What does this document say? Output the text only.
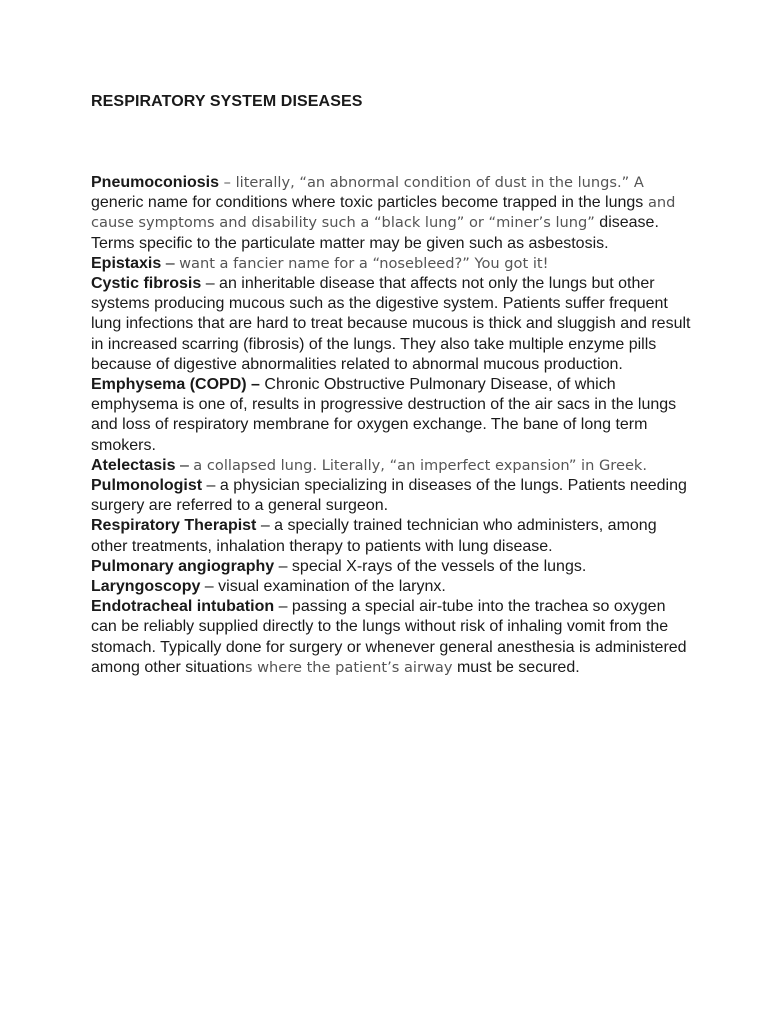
RESPIRATORY SYSTEM DISEASES

Pneumoconiosis – literally, “an abnormal condition of dust in the lungs.” A generic name for conditions where toxic particles become trapped in the lungs and cause symptoms and disability such a “black lung” or “miner’s lung” disease. Terms specific to the particulate matter may be given such as asbestosis.

Epistaxis – want a fancier name for a “nosebleed?” You got it!

Cystic fibrosis – an inheritable disease that affects not only the lungs but other systems producing mucous such as the digestive system. Patients suffer frequent lung infections that are hard to treat because mucous is thick and sluggish and result in increased scarring (fibrosis) of the lungs. They also take multiple enzyme pills because of digestive abnormalities related to abnormal mucous production.

Emphysema (COPD) – Chronic Obstructive Pulmonary Disease, of which emphysema is one of, results in progressive destruction of the air sacs in the lungs and loss of respiratory membrane for oxygen exchange. The bane of long term smokers.

Atelectasis – a collapsed lung. Literally, “an imperfect expansion” in Greek.

Pulmonologist – a physician specializing in diseases of the lungs. Patients needing surgery are referred to a general surgeon.

Respiratory Therapist – a specially trained technician who administers, among other treatments, inhalation therapy to patients with lung disease.

Pulmonary angiography – special X-rays of the vessels of the lungs.

Laryngoscopy – visual examination of the larynx.

Endotracheal intubation – passing a special air-tube into the trachea so oxygen can be reliably supplied directly to the lungs without risk of inhaling vomit from the stomach. Typically done for surgery or whenever general anesthesia is administered among other situations where the patient’s airway must be secured.
